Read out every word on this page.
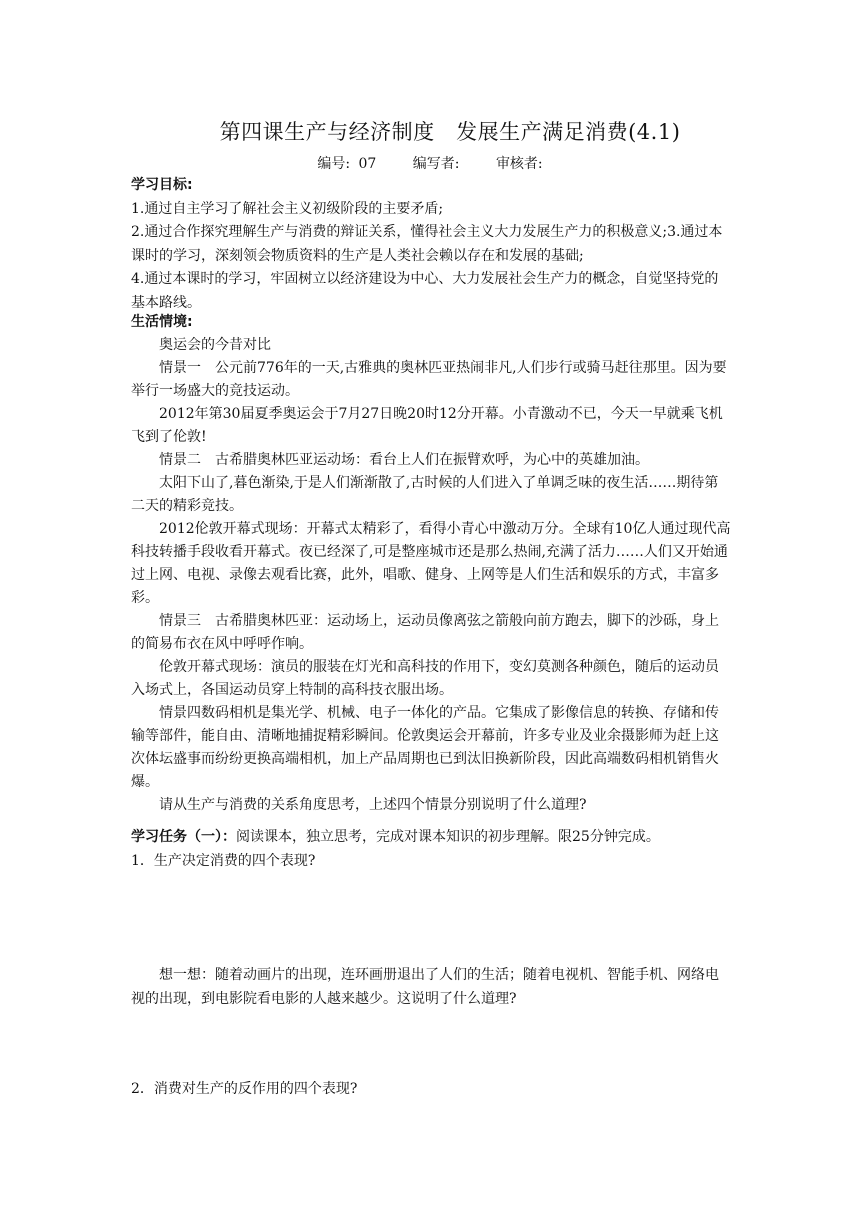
第四课生产与经济制度　发展生产满足消费(4.1)
编号: 07	编写者:	审核者:
学习目标:

1.通过自主学习了解社会主义初级阶段的主要矛盾;

2.通过合作探究理解生产与消费的辩证关系，懂得社会主义大力发展生产力的积极意义;3.通过本课时的学习，深刻领会物质资料的生产是人类社会赖以存在和发展的基础;

4.通过本课时的学习，牢固树立以经济建设为中心、大力发展社会生产力的概念，自觉坚持党的基本路线。

生活情境:

奥运会的今昔对比

情景一　公元前776年的一天,古雅典的奥林匹亚热闹非凡,人们步行或骑马赶往那里。因为要举行一场盛大的竞技运动。

2012年第30届夏季奥运会于7月27日晚20时12分开幕。小青激动不已，今天一早就乘飞机飞到了伦敦!

情景二　古希腊奥林匹亚运动场：看台上人们在振臂欢呼，为心中的英雄加油。

太阳下山了,暮色渐染,于是人们渐渐散了,古时候的人们进入了单调乏味的夜生活……期待第二天的精彩竞技。

2012伦敦开幕式现场：开幕式太精彩了，看得小青心中激动万分。全球有10亿人通过现代高科技转播手段收看开幕式。夜已经深了,可是整座城市还是那么热闹,充满了活力……人们又开始通过上网、电视、录像去观看比赛，此外，唱歌、健身、上网等是人们生活和娱乐的方式，丰富多彩。

情景三　古希腊奥林匹亚：运动场上，运动员像离弦之箭般向前方跑去，脚下的沙砾，身上的简易布衣在风中呼呼作响。

伦敦开幕式现场：演员的服装在灯光和高科技的作用下，变幻莫测各种颜色，随后的运动员入场式上，各国运动员穿上特制的高科技衣服出场。

情景四数码相机是集光学、机械、电子一体化的产品。它集成了影像信息的转换、存储和传输等部件，能自由、清晰地捕捉精彩瞬间。伦敦奥运会开幕前，许多专业及业余摄影师为赶上这次体坛盛事而纷纷更换高端相机，加上产品周期也已到汰旧换新阶段，因此高端数码相机销售火爆。

请从生产与消费的关系角度思考，上述四个情景分别说明了什么道理?

学习任务（一）：阅读课本，独立思考，完成对课本知识的初步理解。限25分钟完成。

1．生产决定消费的四个表现?

想一想：随着动画片的出现，连环画册退出了人们的生活；随着电视机、智能手机、网络电视的出现，到电影院看电影的人越来越少。这说明了什么道理?

2．消费对生产的反作用的四个表现?
